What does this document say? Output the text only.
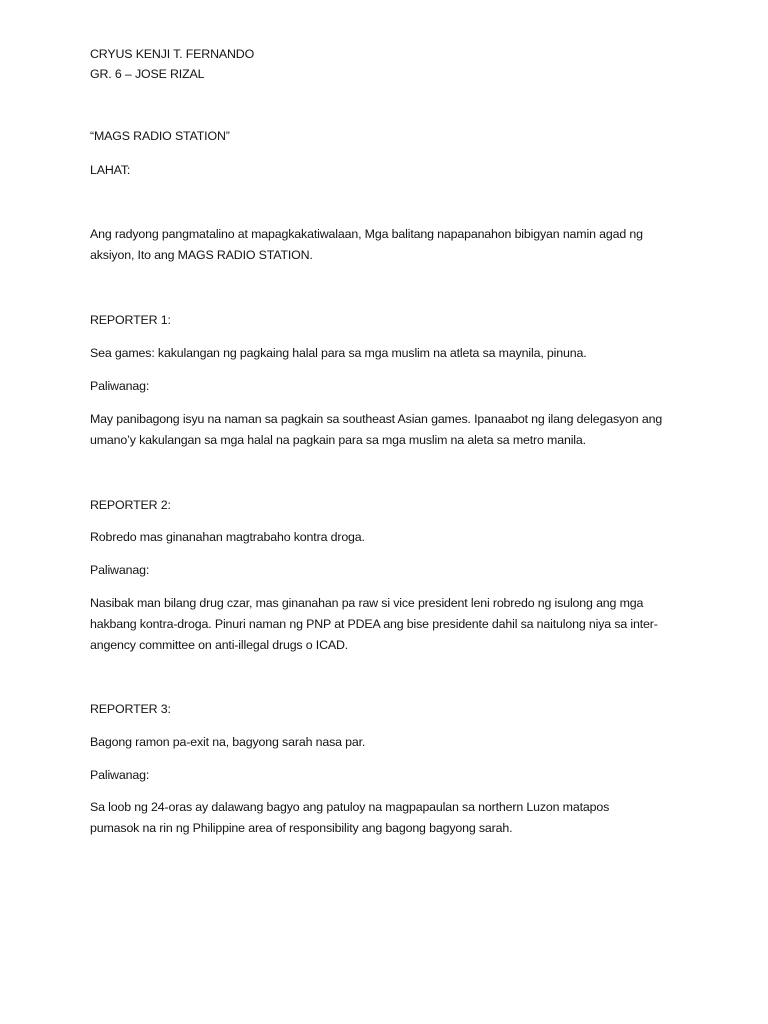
CRYUS KENJI T. FERNANDO
GR. 6 – JOSE RIZAL
“MAGS RADIO STATION”
LAHAT:
Ang radyong pangmatalino at mapagkakatiwalaan, Mga balitang napapanahon bibigyan namin agad ng
aksiyon, Ito ang MAGS RADIO STATION.
REPORTER 1:
Sea games: kakulangan ng pagkaing halal para sa mga muslim na atleta sa maynila, pinuna.
Paliwanag:
May panibagong isyu na naman sa pagkain sa southeast Asian games. Ipanaabot ng ilang delegasyon ang
umano’y kakulangan sa mga halal na pagkain para sa mga muslim na aleta sa metro manila.
REPORTER 2:
Robredo mas ginanahan magtrabaho kontra droga.
Paliwanag:
Nasibak man bilang drug czar, mas ginanahan pa raw si vice president leni robredo ng isulong ang mga
hakbang kontra-droga. Pinuri naman ng PNP at PDEA ang bise presidente dahil sa naitulong niya sa inter-
angency committee on anti-illegal drugs o ICAD.
REPORTER 3:
Bagong ramon pa-exit na, bagyong sarah nasa par.
Paliwanag:
Sa loob ng 24-oras ay dalawang bagyo ang patuloy na magpapaulan sa northern Luzon matapos
pumasok na rin ng Philippine area of responsibility ang bagong bagyong sarah.
